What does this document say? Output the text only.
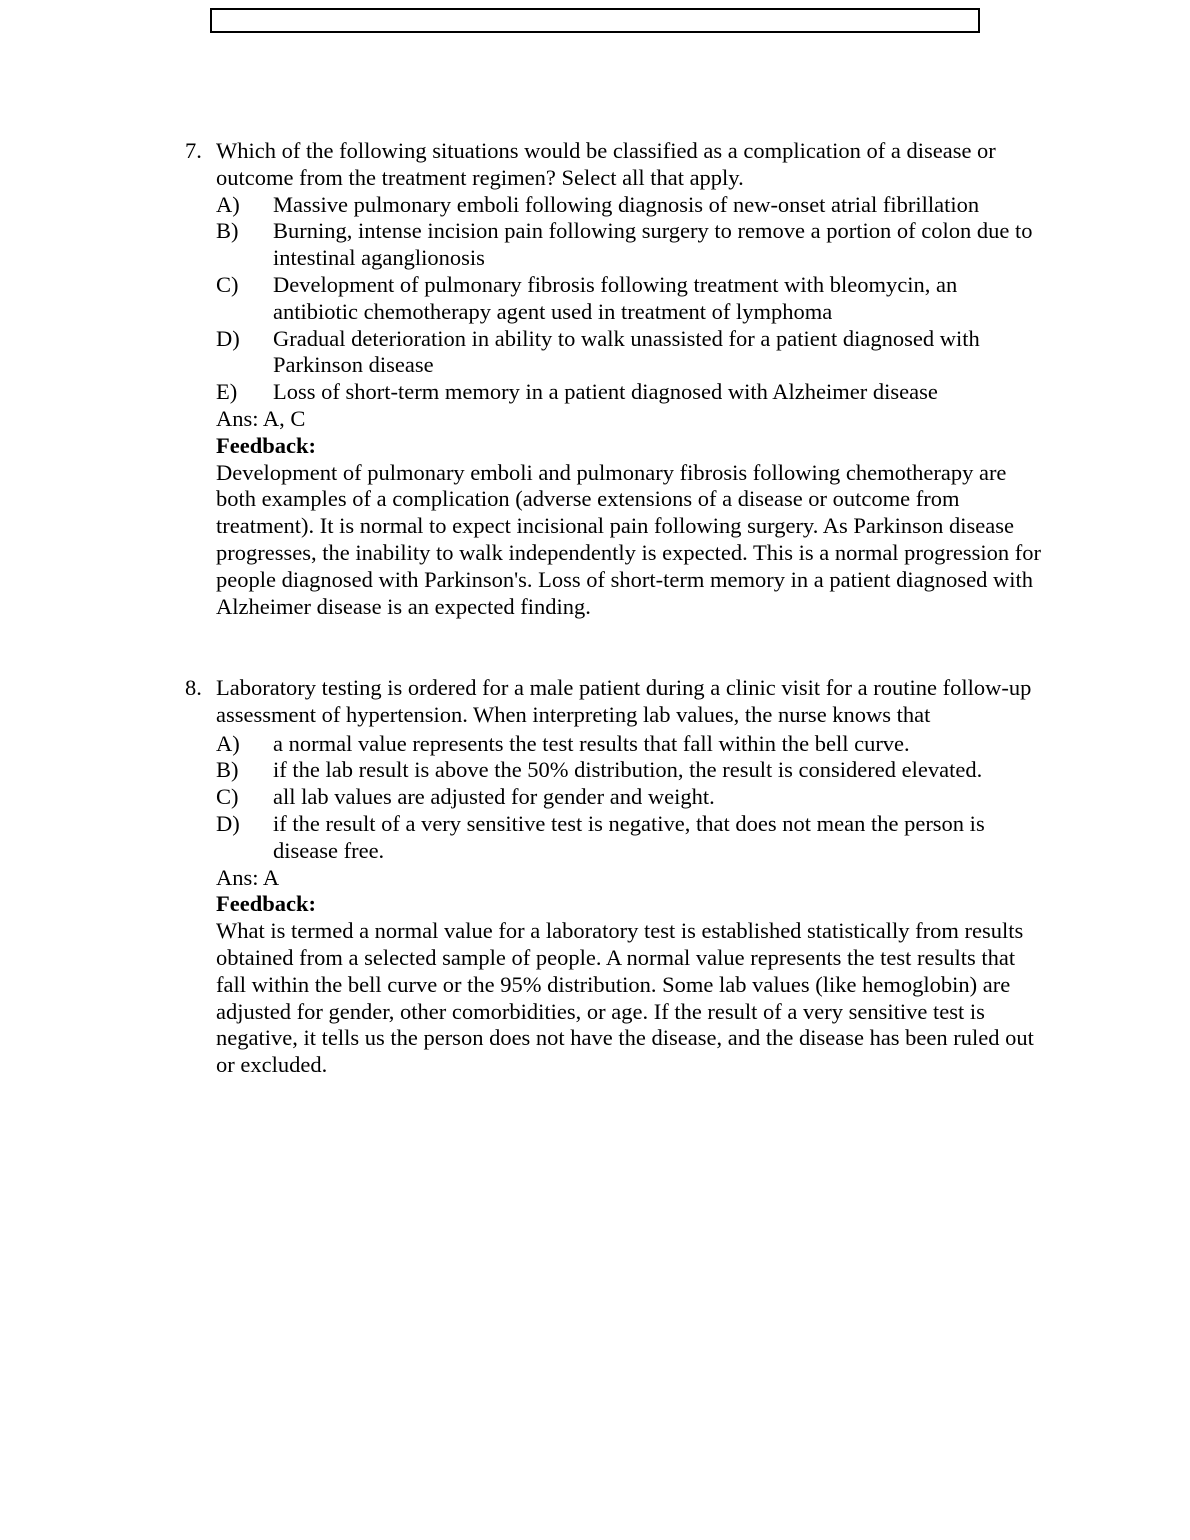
7. Which of the following situations would be classified as a complication of a disease or outcome from the treatment regimen? Select all that apply.
A)	Massive pulmonary emboli following diagnosis of new-onset atrial fibrillation
B)	Burning, intense incision pain following surgery to remove a portion of colon due to intestinal aganglionosis
C)	Development of pulmonary fibrosis following treatment with bleomycin, an antibiotic chemotherapy agent used in treatment of lymphoma
D)	Gradual deterioration in ability to walk unassisted for a patient diagnosed with Parkinson disease
E)	Loss of short-term memory in a patient diagnosed with Alzheimer disease
Ans: A, C
Feedback:
Development of pulmonary emboli and pulmonary fibrosis following chemotherapy are both examples of a complication (adverse extensions of a disease or outcome from treatment). It is normal to expect incisional pain following surgery. As Parkinson disease progresses, the inability to walk independently is expected. This is a normal progression for people diagnosed with Parkinson's. Loss of short-term memory in a patient diagnosed with Alzheimer disease is an expected finding.
8. Laboratory testing is ordered for a male patient during a clinic visit for a routine follow-up assessment of hypertension. When interpreting lab values, the nurse knows that
A)	a normal value represents the test results that fall within the bell curve.
B)	if the lab result is above the 50% distribution, the result is considered elevated.
C)	all lab values are adjusted for gender and weight.
D)	if the result of a very sensitive test is negative, that does not mean the person is disease free.
Ans: A
Feedback:
What is termed a normal value for a laboratory test is established statistically from results obtained from a selected sample of people. A normal value represents the test results that fall within the bell curve or the 95% distribution. Some lab values (like hemoglobin) are adjusted for gender, other comorbidities, or age. If the result of a very sensitive test is negative, it tells us the person does not have the disease, and the disease has been ruled out or excluded.
